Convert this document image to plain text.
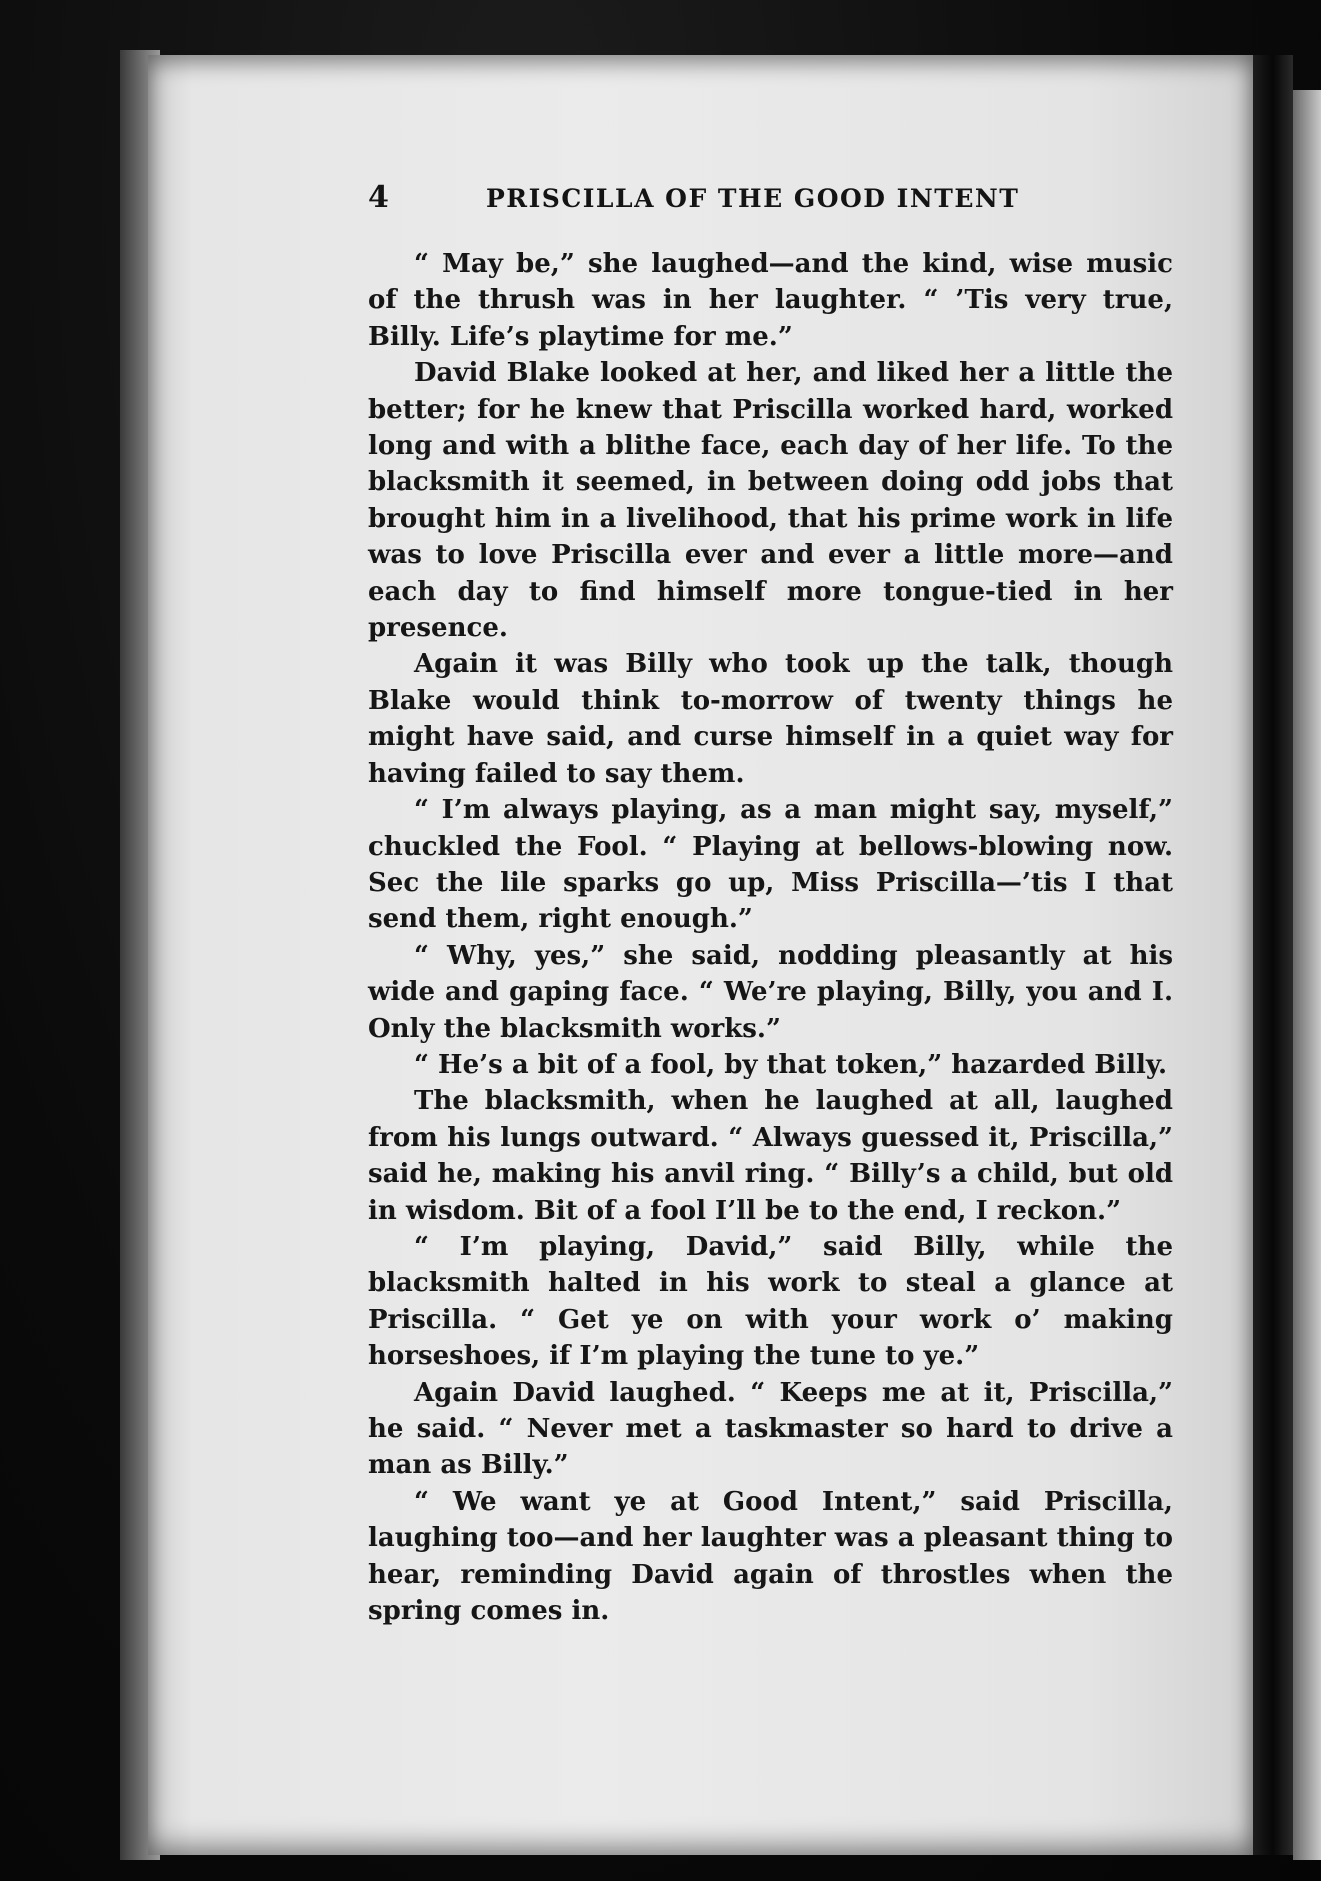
4	PRISCILLA OF THE GOOD INTENT

“ May be,” she laughed—and the kind, wise music of the thrush was in her laughter. “ ’Tis very true, Billy. Life’s playtime for me.”

David Blake looked at her, and liked her a little the better; for he knew that Priscilla worked hard, worked long and with a blithe face, each day of her life. To the blacksmith it seemed, in between doing odd jobs that brought him in a livelihood, that his prime work in life was to love Priscilla ever and ever a little more—and each day to find himself more tongue-tied in her presence.

Again it was Billy who took up the talk, though Blake would think to-morrow of twenty things he might have said, and curse himself in a quiet way for having failed to say them.

“ I’m always playing, as a man might say, myself,” chuckled the Fool. “ Playing at bellows-blowing now. Sec the lile sparks go up, Miss Priscilla—’tis I that send them, right enough.”

“ Why, yes,” she said, nodding pleasantly at his wide and gaping face. “ We’re playing, Billy, you and I. Only the blacksmith works.”

“ He’s a bit of a fool, by that token,” hazarded Billy.

The blacksmith, when he laughed at all, laughed from his lungs outward. “ Always guessed it, Priscilla,” said he, making his anvil ring. “ Billy’s a child, but old in wisdom. Bit of a fool I’ll be to the end, I reckon.”

“ I’m playing, David,” said Billy, while the blacksmith halted in his work to steal a glance at Priscilla. “ Get ye on with your work o’ making horseshoes, if I’m playing the tune to ye.”

Again David laughed. “ Keeps me at it, Priscilla,” he said. “ Never met a taskmaster so hard to drive a man as Billy.”

“ We want ye at Good Intent,” said Priscilla, laughing too—and her laughter was a pleasant thing to hear, reminding David again of throstles when the spring comes in.
